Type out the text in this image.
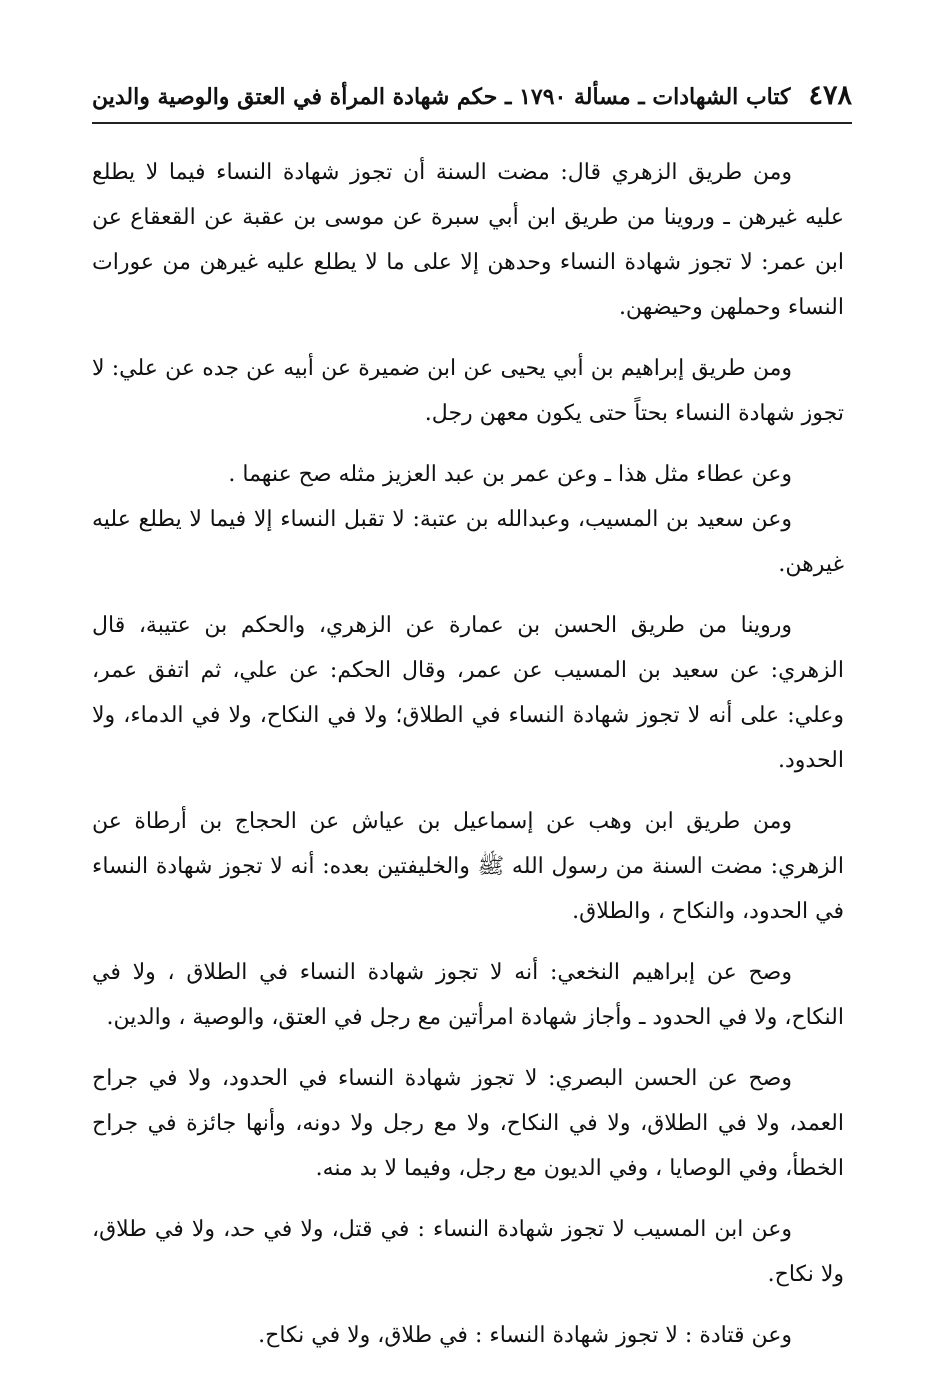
٤٧٨
كتاب الشهادات ـ مسألة ١٧٩٠ ـ حكم شهادة المرأة في العتق والوصية والدين

ومن طريق الزهري قال: مضت السنة أن تجوز شهادة النساء فيما لا يطلع عليه غيرهن ـ وروينا من طريق ابن أبي سبرة عن موسى بن عقبة عن القعقاع عن ابن عمر: لا تجوز شهادة النساء وحدهن إلا على ما لا يطلع عليه غيرهن من عورات النساء وحملهن وحيضهن.

ومن طريق إبراهيم بن أبي يحيى عن ابن ضميرة عن أبيه عن جده عن علي: لا تجوز شهادة النساء بحتاً حتى يكون معهن رجل.

وعن عطاء مثل هذا ـ وعن عمر بن عبد العزيز مثله صح عنهما .

وعن سعيد بن المسيب، وعبدالله بن عتبة: لا تقبل النساء إلا فيما لا يطلع عليه غيرهن.

وروينا من طريق الحسن بن عمارة عن الزهري، والحكم بن عتيبة، قال الزهري: عن سعيد بن المسيب عن عمر، وقال الحكم: عن علي، ثم اتفق عمر، وعلي: على أنه لا تجوز شهادة النساء في الطلاق؛ ولا في النكاح، ولا في الدماء، ولا الحدود.

ومن طريق ابن وهب عن إسماعيل بن عياش عن الحجاج بن أرطاة عن الزهري: مضت السنة من رسول الله ﷺ والخليفتين بعده: أنه لا تجوز شهادة النساء في الحدود، والنكاح ، والطلاق.

وصح عن إبراهيم النخعي: أنه لا تجوز شهادة النساء في الطلاق ، ولا في النكاح، ولا في الحدود ـ وأجاز شهادة امرأتين مع رجل في العتق، والوصية ، والدين.

وصح عن الحسن البصري: لا تجوز شهادة النساء في الحدود، ولا في جراح العمد، ولا في الطلاق، ولا في النكاح، ولا مع رجل ولا دونه، وأنها جائزة في جراح الخطأ، وفي الوصايا ، وفي الديون مع رجل، وفيما لا بد منه.

وعن ابن المسيب لا تجوز شهادة النساء : في قتل، ولا في حد، ولا في طلاق، ولا نكاح.

وعن قتادة : لا تجوز شهادة النساء : في طلاق، ولا في نكاح.
